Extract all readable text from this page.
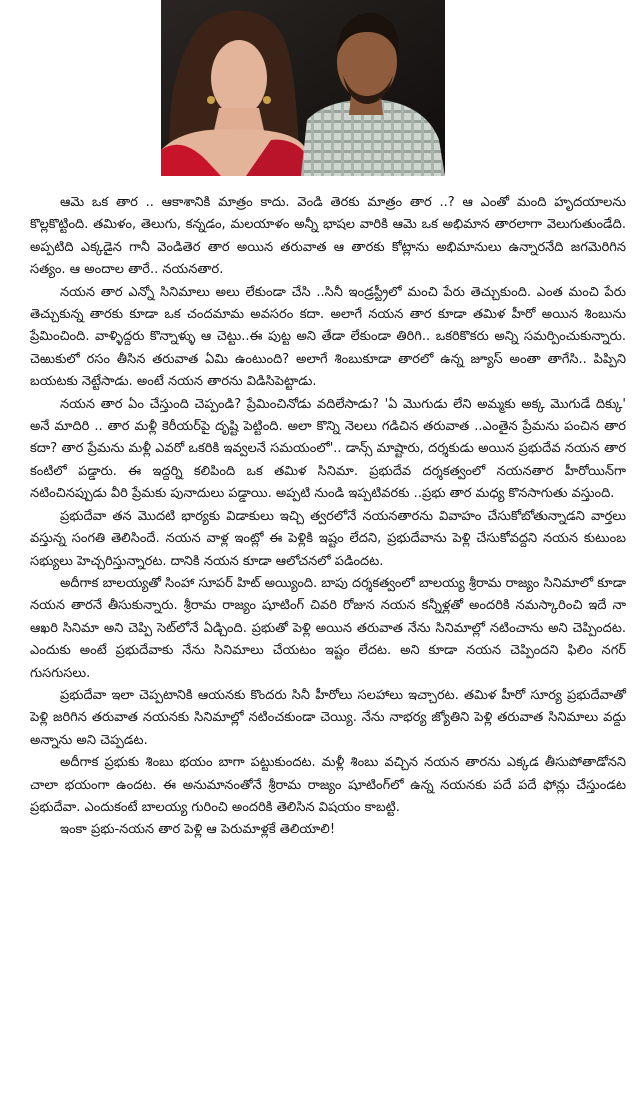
ఆమె ఒక తార .. ఆకాశానికి మాత్రం కాదు. వెండి తెరకు మాత్రం తార ..? ఆ ఎంతో మంది హృదయాలను కొల్లకొట్టింది. తమిళం, తెలుగు, కన్నడం, మలయాళం అన్నీ భాషల వారికి ఆమె ఒక అభిమాన తారలాగా వెలుగుతుండేది. అప్పటిది ఎక్కడైన గానీ వెండితెర తార అయిన తరువాత ఆ తారకు కోట్లాను అభిమానులు ఉన్నారనేది జగమెరిగిన సత్యం. ఆ అందాల తారే.. నయనతార.

నయన తార ఎన్నో సినిమాలు అలు లేకుండా చేసి ..సినీ ఇండ్రస్ట్రీలో మంచి పేరు తెచ్చుకుంది. ఎంత మంచి పేరు తెచ్చుకున్న తారకు కూడా ఒక చందమామ అవసరం కదా. అలాగే నయన తార కూడా తమిళ హీరో అయిన శింబును ప్రేమించింది. వాళ్ళిద్దరు కొన్నాళ్ళు ఆ చెట్టు..ఈ పుట్ట అని తేడా లేకుండా తిరిగి.. ఒకరికొకరు అన్ని సమర్పించుకున్నారు. చెఱుకులో రసం తీసిన తరువాత ఏమి ఉంటుంది? అలాగే శింబుకూడా తారలో ఉన్న జ్యూస్ అంతా తాగేసి.. పిప్పిని బయటకు నెట్టేసాడు. అంటే నయన తారను విడిసిపెట్టాడు.

నయన తార ఏం చేస్తుంది చెప్పండి? ప్రేమించినోడు వదిలేసాడు? 'ఏ మొగుడు లేని అమ్మకు అక్క మొగుడే దిక్కు' అనే మాదిరి .. తార మళ్లీ కెరీయర్‌పై దృష్టి పెట్టింది. అలా కొన్ని నెలలు గడిచిన తరువాత ..ఎంతైన ప్రేమను పంచిన తార కదా? తార ప్రేమను మళ్లీ ఎవరో ఒకరికి ఇవ్వలనే సమయంలో'.. డాన్స్ మాష్టారు, దర్శకుడు అయిన ప్రభుదేవ నయన తార కంటిలో పడ్డారు. ఈ ఇద్దర్ని కలిపింది ఒక తమిళ సినిమా. ప్రభుదేవ దర్శకత్వంలో నయనతార హీరోయిన్‌గా నటించినప్పుడు వీరి ప్రేమకు పునాదులు పడ్డాయి. అప్పటి నుండి ఇప్పటివరకు ..ప్రభు తార మధ్య కొనసాగుతు వస్తుంది.

ప్రభుదేవా తన మొదటి భార్యకు విడాకులు ఇచ్చి త్వరలోనే నయనతారను వివాహం చేసుకోబోతున్నాడని వార్తలు వస్తున్న సంగతి తెలిసిందే. నయన వాళ్ల ఇంట్లో ఈ పెళ్లికి ఇష్టం లేదని, ప్రభుదేవాను పెళ్లి చేసుకోవద్దని నయన కుటుంబ సభ్యులు హెచ్చరిస్తున్నారట. దానికి నయన కూడా ఆలోచనలో పడిందట.

అదీగాక బాలయ్యతో సింహా సూపర్ హిట్ అయ్యింది. బాపు దర్శకత్వంలో బాలయ్య శ్రీరామ రాజ్యం సినిమాలో కూడా నయన తారనే తీసుకున్నారు. శ్రీరామ రాజ్యం షూటింగ్ చివరి రోజున నయన కన్నీళ్లతో అందరికి నమస్కారించి ఇదే నా ఆఖరి సినిమా అని చెప్పి సెట్‌లోనే ఏడ్చింది. ప్రభుతో పెళ్లి అయిన తరువాత నేను సినిమాల్లో నటించాను అని చెప్పిందట. ఎందుకు అంటే ప్రభుదేవాకు నేను సినిమాలు చేయటం ఇష్టం లేదట. అని కూడా నయన చెప్పిందని ఫిలిం నగర్ గుసగుసలు.

ప్రభుదేవా ఇలా చెప్పటానికి ఆయనకు కొందరు సినీ హీరోలు సలహాలు ఇచ్చారట. తమిళ హీరో సూర్య ప్రభుదేవాతో పెళ్లి జరిగిన తరువాత నయనకు సినిమాల్లో నటించకుండా చెయ్యి. నేను నాభర్య జ్యోతిని పెళ్లి తరువాత సినిమాలు వద్దు అన్నాను అని చెప్పడట.

అదీగాక ప్రభుకు శింబు భయం బాగా పట్టుకుందట. మళ్లీ శింబు వచ్చిన నయన తారను ఎక్కడ తీసుపోతాడోనని చాలా భయంగా ఉందట. ఈ అనుమానంతోనే శ్రీరామ రాజ్యం షూటింగ్‌లో ఉన్న నయనకు పదే పదే ఫోన్లు చేస్తుండట ప్రభుదేవా. ఎందుకంటే బాలయ్య గురించి అందరికి తెలిసిన విషయం కాబట్టి.

ఇంకా ప్రభు-నయన తార పెళ్లి ఆ పెరుమాళ్లకే తెలియాలి!
